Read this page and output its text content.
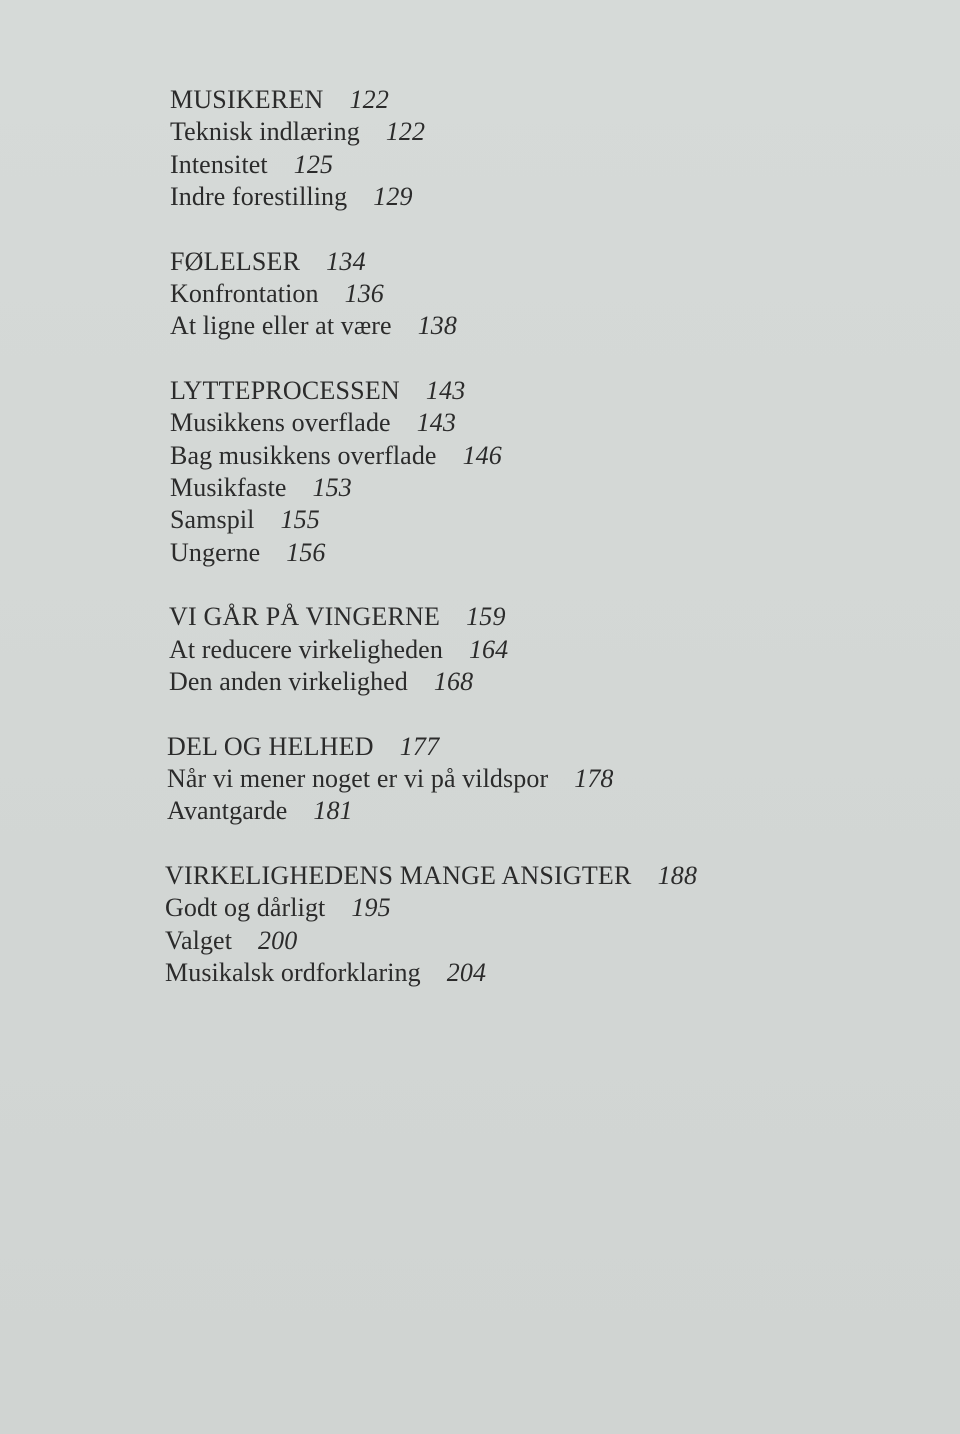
MUSIKEREN 122
Teknisk indlæring 122
Intensitet 125
Indre forestilling 129
FØLELSER 134
Konfrontation 136
At ligne eller at være 138
LYTTEPROCESSEN 143
Musikkens overflade 143
Bag musikkens overflade 146
Musikfaste 153
Samspil 155
Ungerne 156
VI GÅR PÅ VINGERNE 159
At reducere virkeligheden 164
Den anden virkelighed 168
DEL OG HELHED 177
Når vi mener noget er vi på vildspor 178
Avantgarde 181
VIRKELIGHEDENS MANGE ANSIGTER 188
Godt og dårligt 195
Valget 200
Musikalsk ordforklaring 204
